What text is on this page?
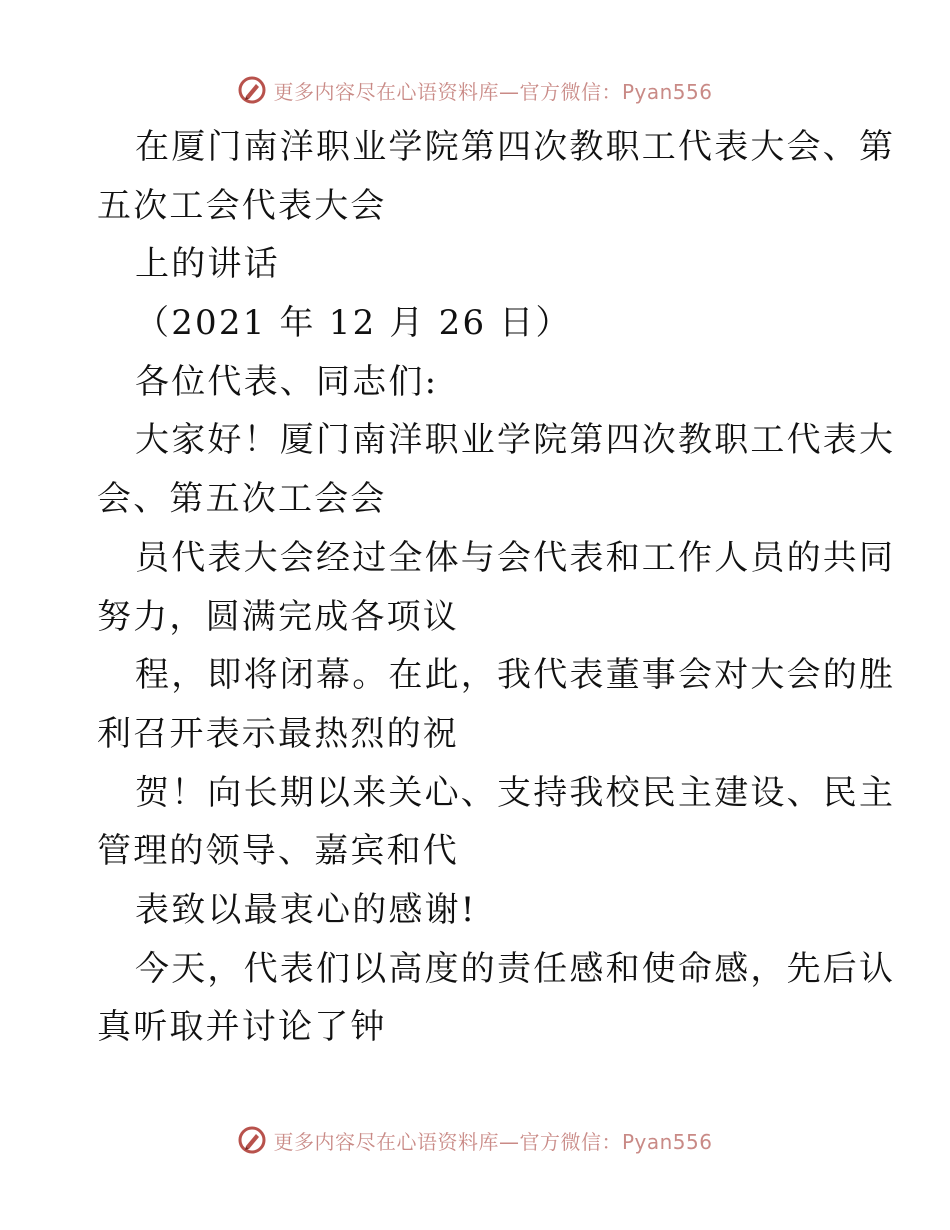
更多内容尽在心语资料库—官方微信：Pyan556
在厦门南洋职业学院第四次教职工代表大会、第
五次工会代表大会
上的讲话
（2021 年 12 月 26 日）
各位代表、同志们:
大家好！厦门南洋职业学院第四次教职工代表大
会、第五次工会会
员代表大会经过全体与会代表和工作人员的共同
努力，圆满完成各项议
程，即将闭幕。在此，我代表董事会对大会的胜
利召开表示最热烈的祝
贺！向长期以来关心、支持我校民主建设、民主
管理的领导、嘉宾和代
表致以最衷心的感谢!
今天，代表们以高度的责任感和使命感，先后认
真听取并讨论了钟
更多内容尽在心语资料库—官方微信：Pyan556
